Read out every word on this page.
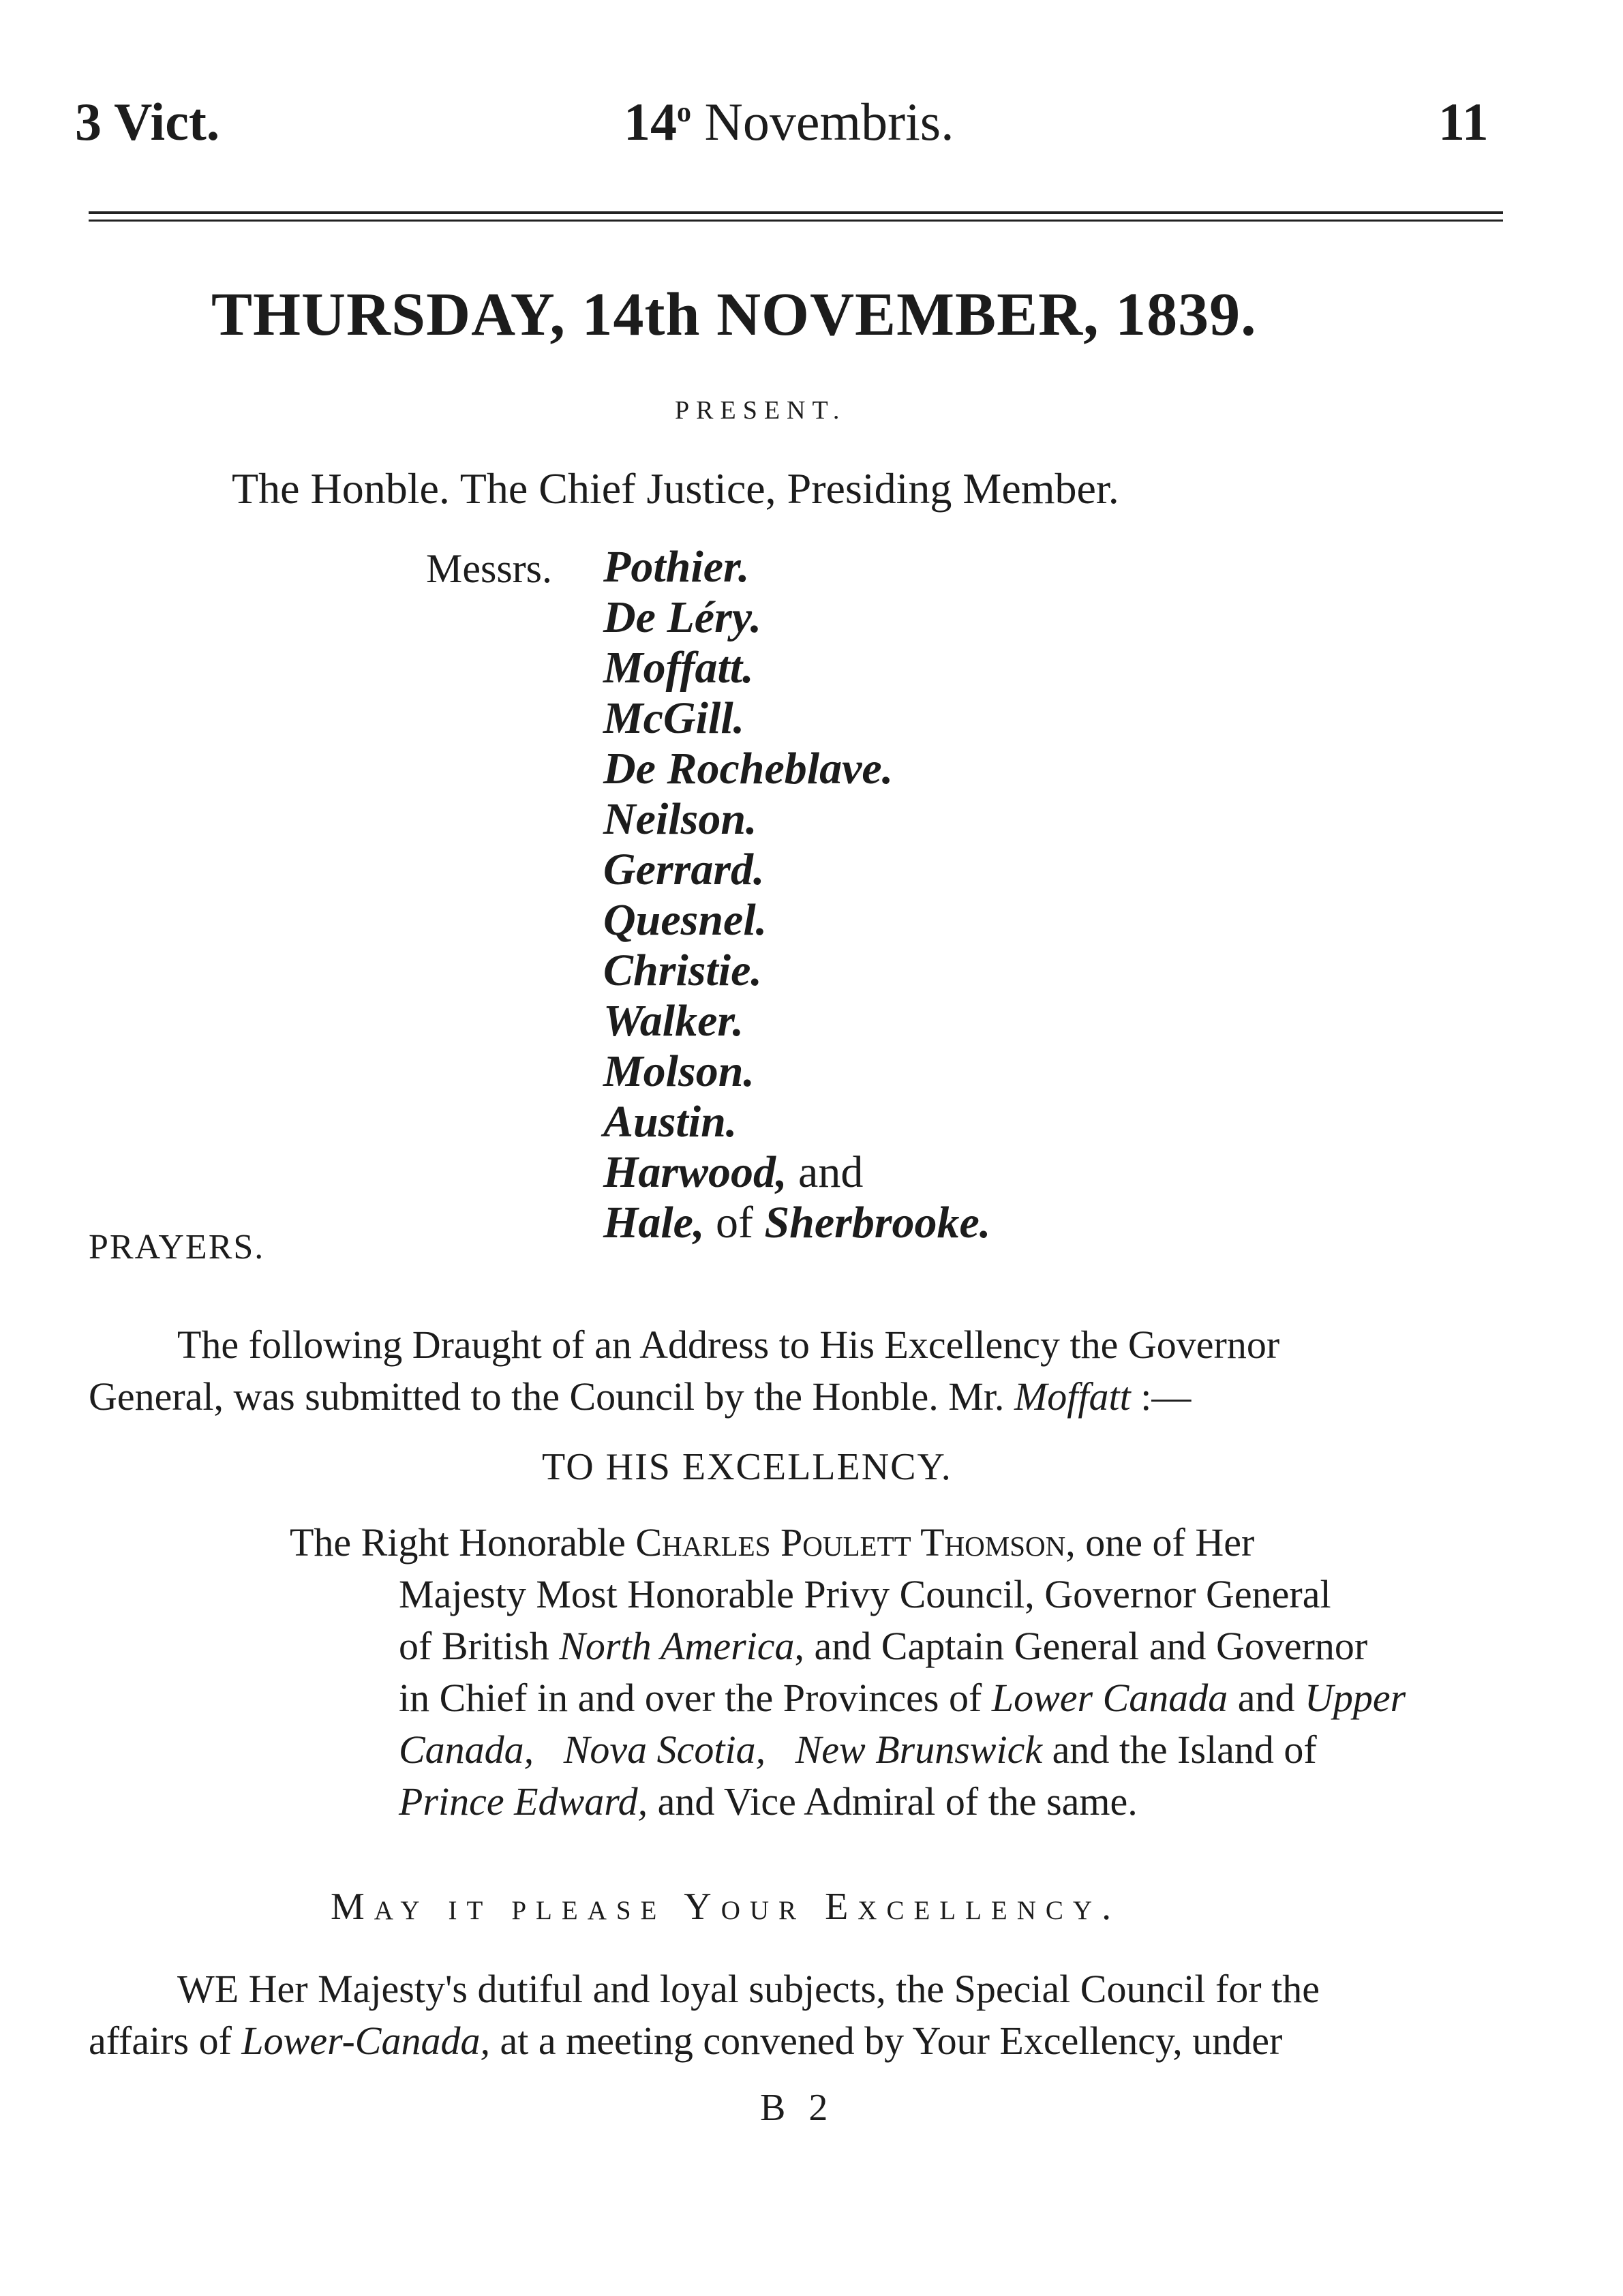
3 Vict.	14$^o$ Novembris.	11
THURSDAY, 14th NOVEMBER, 1839.
PRESENT.
The Honble. The Chief Justice, Presiding Member.
Messrs. Pothier.
De Léry.
Moffatt.
McGill.
De Rocheblave.
Neilson.
Gerrard.
Quesnel.
Christie.
Walker.
Molson.
Austin.
Harwood, and
Hale, of Sherbrooke.
PRAYERS.
The following Draught of an Address to His Excellency the Governor
General, was submitted to the Council by the Honble. Mr. Moffatt :—
TO HIS EXCELLENCY.
The Right Honorable Charles Poulett Thomson, one of Her
Majesty Most Honorable Privy Council, Governor General
of British North America, and Captain General and Governor
in Chief in and over the Provinces of Lower Canada and Upper
Canada, Nova Scotia, New Brunswick and the Island of
Prince Edward, and Vice Admiral of the same.
May it please Your Excellency.
WE Her Majesty's dutiful and loyal subjects, the Special Council for the
affairs of Lower-Canada, at a meeting convened by Your Excellency, under
B 2
